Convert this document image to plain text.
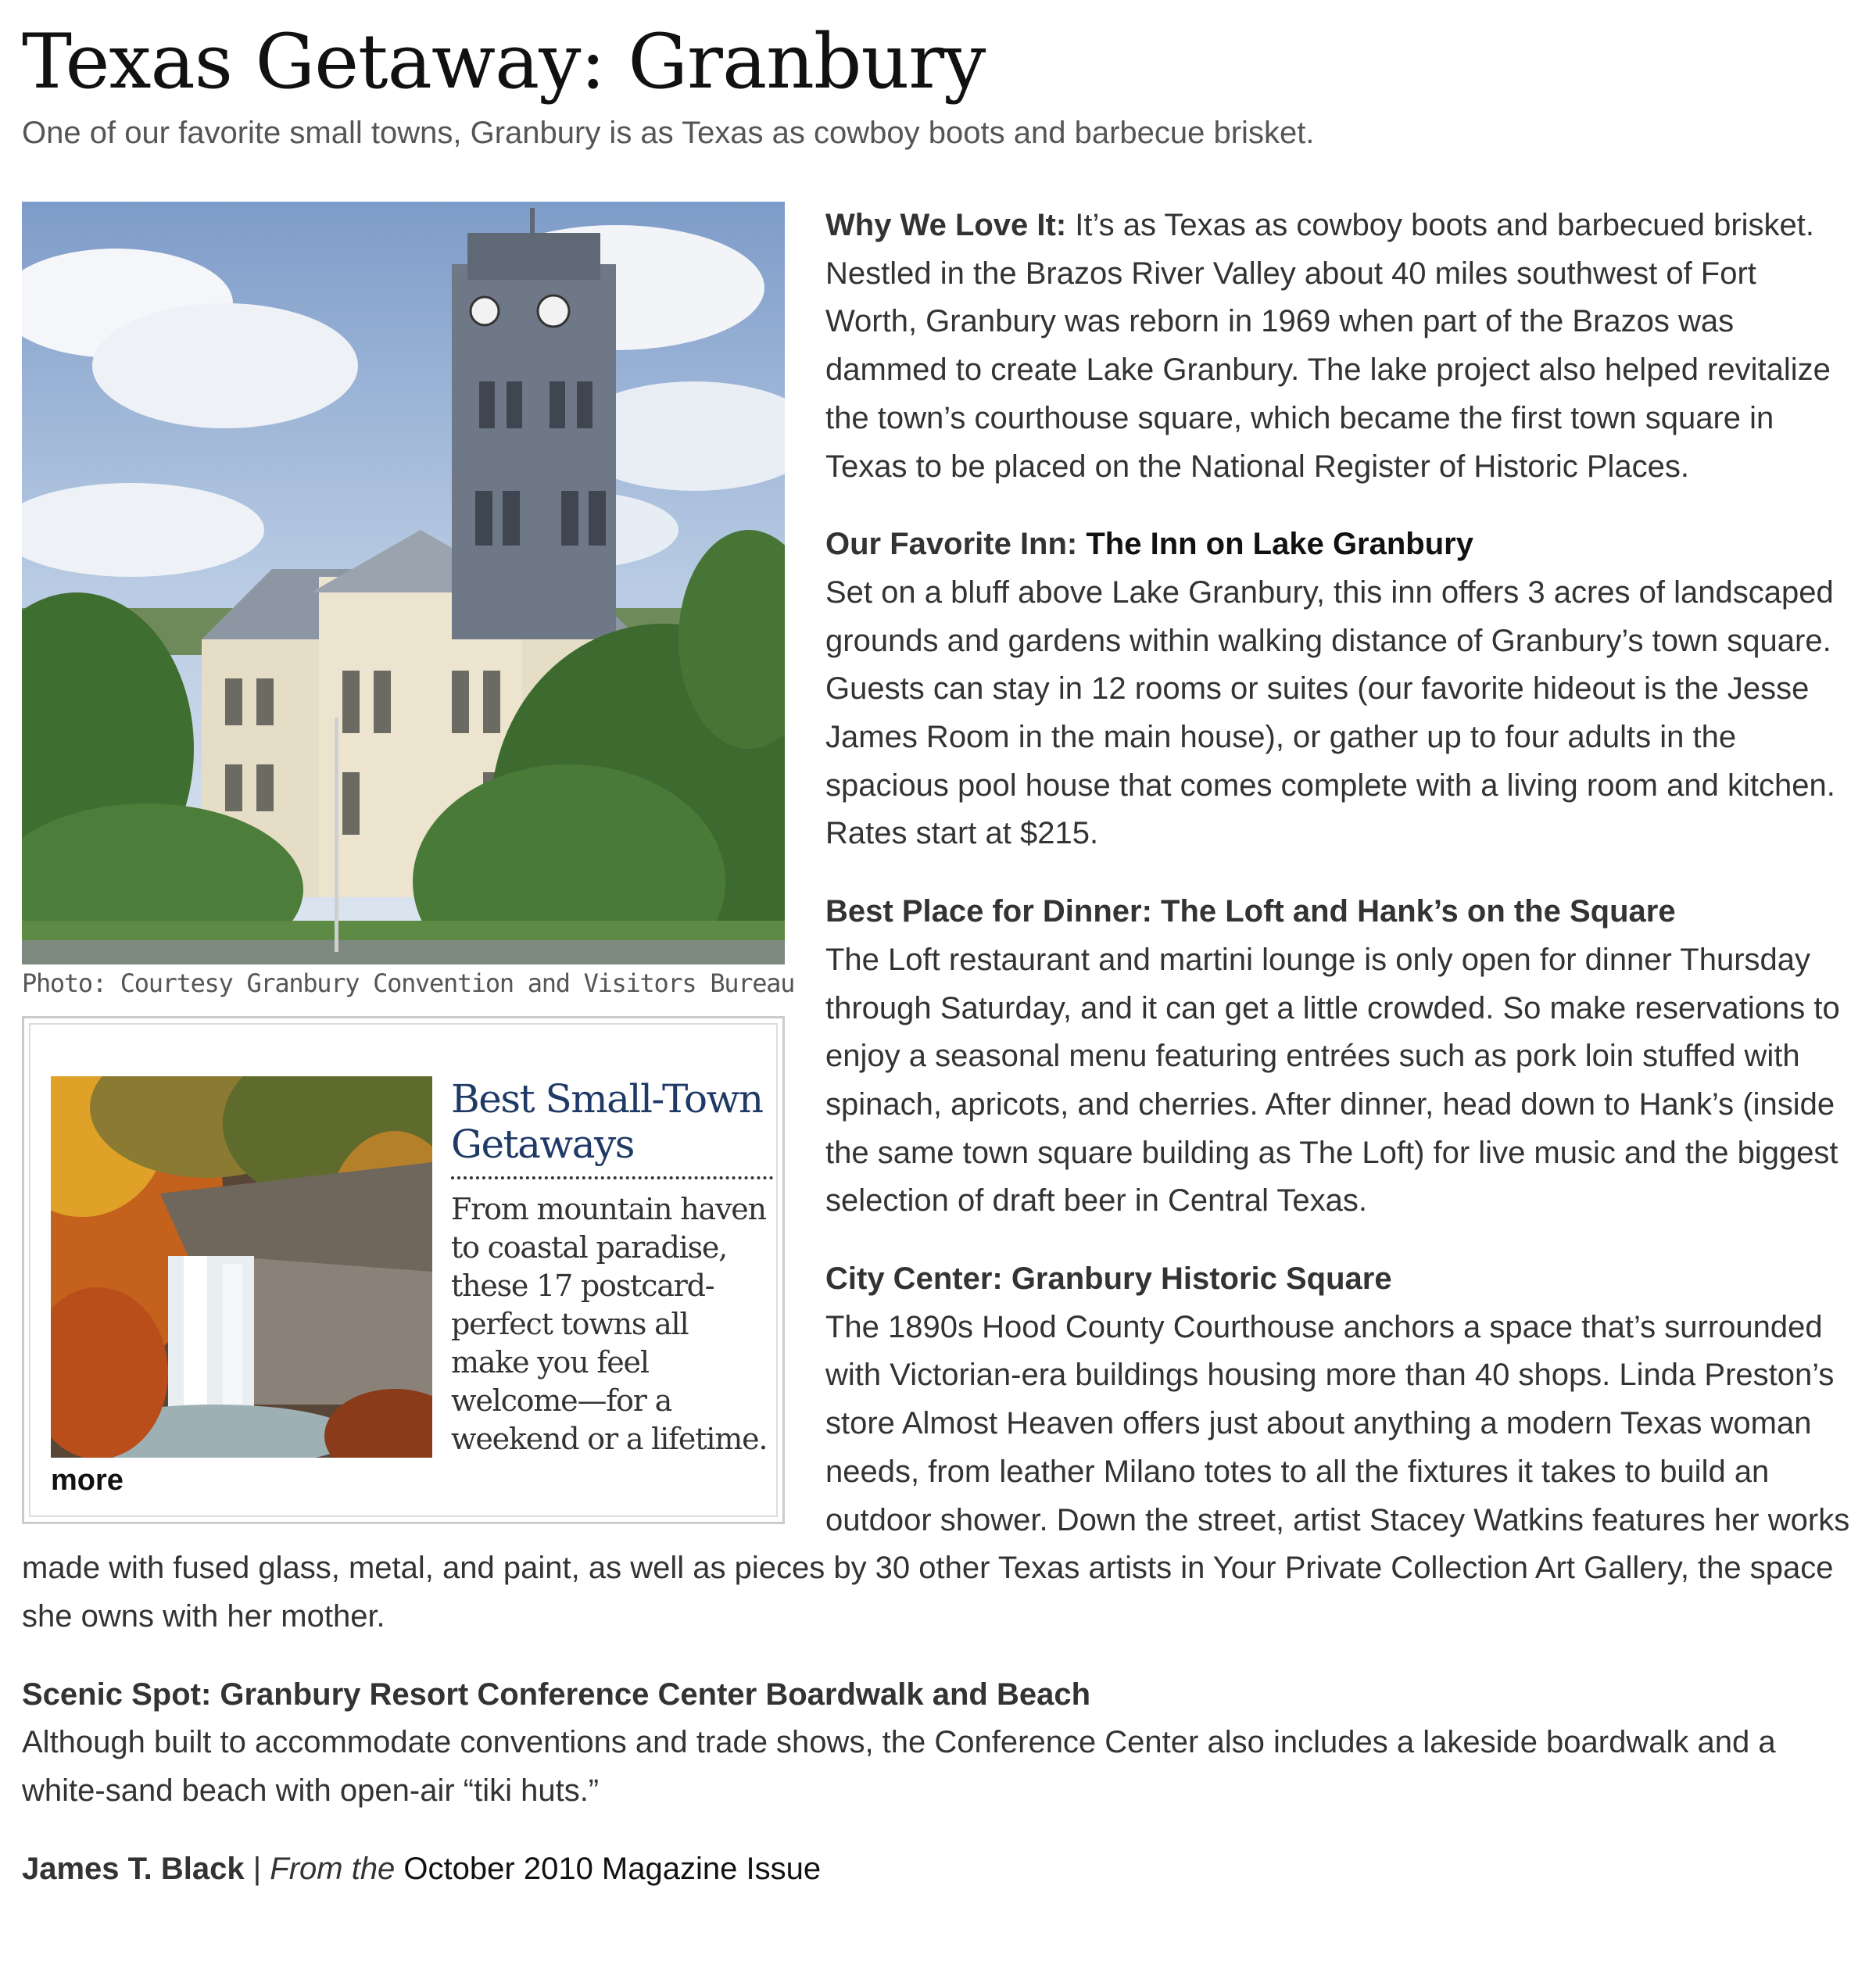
Texas Getaway: Granbury

One of our favorite small towns, Granbury is as Texas as cowboy boots and barbecue brisket.

Photo: Courtesy Granbury Convention and Visitors Bureau
Best Small-Town Getaways
From mountain haven to coastal paradise, these 17 postcard-perfect towns all make you feel welcome—for a weekend or a lifetime.
more

Why We Love It: It’s as Texas as cowboy boots and barbecued brisket. Nestled in the Brazos River Valley about 40 miles southwest of Fort Worth, Granbury was reborn in 1969 when part of the Brazos was dammed to create Lake Granbury. The lake project also helped revitalize the town’s courthouse square, which became the first town square in Texas to be placed on the National Register of Historic Places.

Our Favorite Inn: The Inn on Lake Granbury

Set on a bluff above Lake Granbury, this inn offers 3 acres of landscaped grounds and gardens within walking distance of Granbury’s town square. Guests can stay in 12 rooms or suites (our favorite hideout is the Jesse James Room in the main house), or gather up to four adults in the spacious pool house that comes complete with a living room and kitchen. Rates start at $215.

Best Place for Dinner: The Loft and Hank’s on the Square

The Loft restaurant and martini lounge is only open for dinner Thursday through Saturday, and it can get a little crowded. So make reservations to enjoy a seasonal menu featuring entrées such as pork loin stuffed with spinach, apricots, and cherries. After dinner, head down to Hank’s (inside the same town square building as The Loft) for live music and the biggest selection of draft beer in Central Texas.

City Center: Granbury Historic Square

The 1890s Hood County Courthouse anchors a space that’s surrounded with Victorian-era buildings housing more than 40 shops. Linda Preston’s store Almost Heaven offers just about anything a modern Texas woman needs, from leather Milano totes to all the fixtures it takes to build an outdoor shower. Down the street, artist Stacey Watkins features her works made with fused glass, metal, and paint, as well as pieces by 30 other Texas artists in Your Private Collection Art Gallery, the space she owns with her mother.

Scenic Spot: Granbury Resort Conference Center Boardwalk and Beach

Although built to accommodate conventions and trade shows, the Conference Center also includes a lakeside boardwalk and a white-sand beach with open-air “tiki huts.”

James T. Black | From the October 2010 Magazine Issue
